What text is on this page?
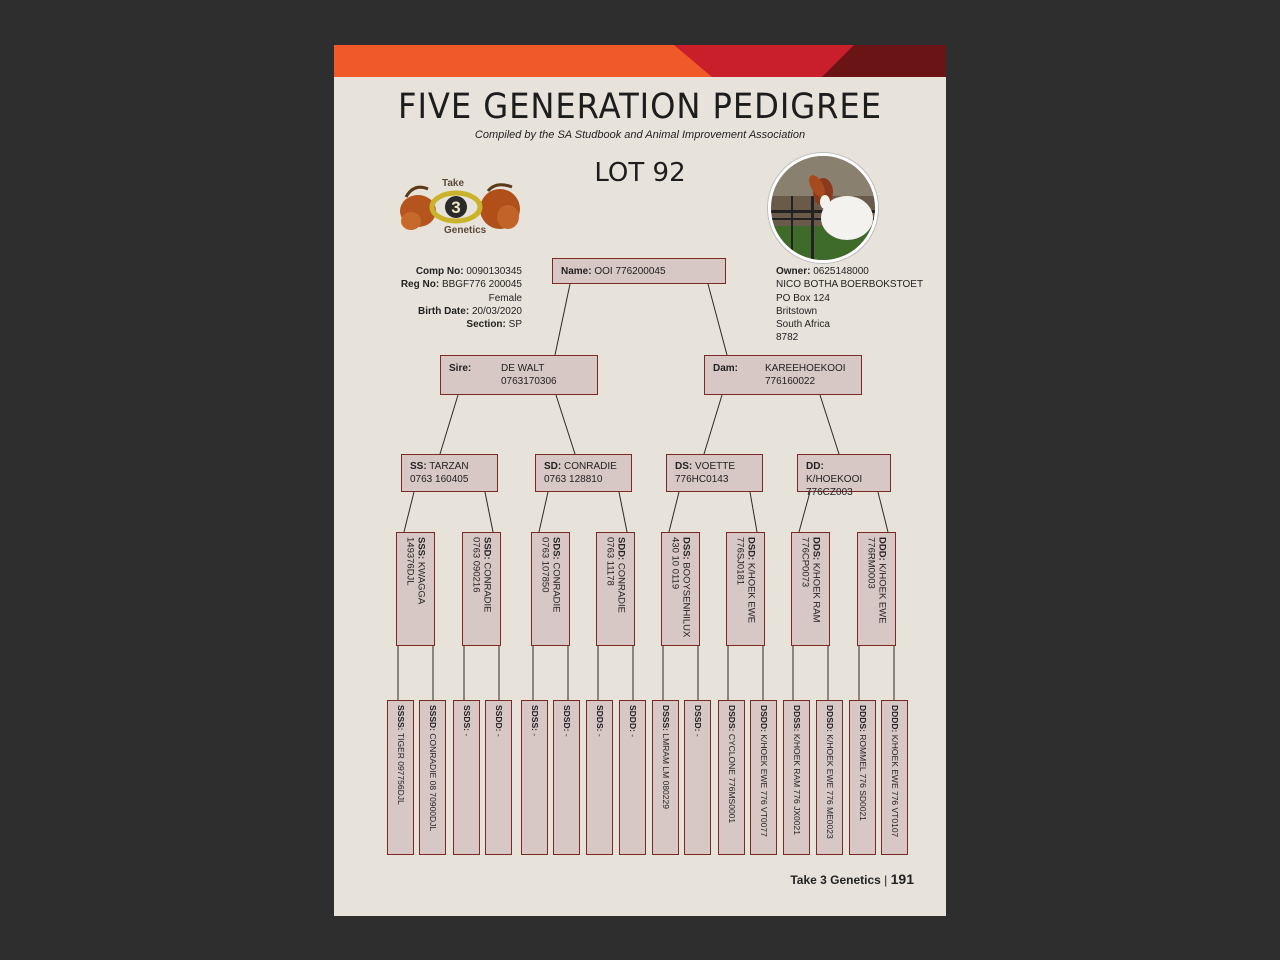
FIVE GENERATION PEDIGREE
Compiled by the SA Studbook and Animal Improvement Association
LOT 92
3
Take
Genetics
Comp No: 0090130345
Reg No: BBGF776 200045
Female
Birth Date: 20/03/2020
Section: SP
Owner: 0625148000
NICO BOTHA BOERBOKSTOET
PO Box 124
Britstown
South Africa
8782
Name: OOI 776200045
Sire:	DE WALT
0763170306
Dam:	KAREEHOEKOOI
776160022
SS: TARZAN
0763 160405
SD: CONRADIE
0763 128810
DS: VOETTE
776HC0143
DD: K/HOEKOOI
776CZ003
SSS: KWAGGA
149376DJL	SSD: CONRADIE
0763 090216	SDS: CONRADIE
0763 107850	SDD: CONRADIE
0763 11178	DSS: BOOYSENHILUX
430 10 0119	DSD: K/HOEK EWE
776SJ0181	DDS: K/HOEK RAM
776CP0073	DDD: K/HOEK EWE
776RM0003
SSSS: TIGER 097756DJL
SSSD: CONRADIE 08 70900DJL
SSDS: -
SSDD: -
SDSS: -
SDSD: -
SDDS: -
SDDD: -
DSSS: LMRAM LM 080229
DSSD: -
DSDS: CYCLONE 776MS0001
DSDD: K/HOEK EWE 776 VT0077
DDSS: K/HOEK RAM 776 JX0021
DDSD: K/HOEK EWE 776 ME0023
DDDS: ROMMEL 776 SD0021
DDDD: K/HOEK EWE 776 VT0107
Take 3 Genetics | 191
